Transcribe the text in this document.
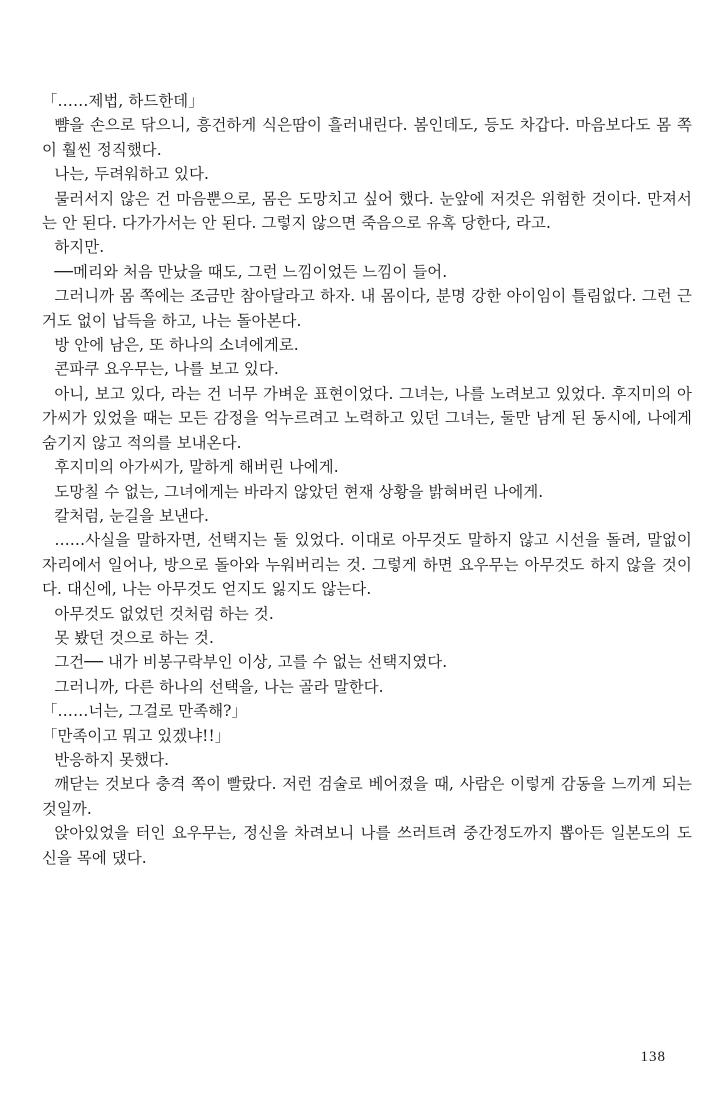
「……제법, 하드한데」

뺨을 손으로 닦으니, 흥건하게 식은땀이 흘러내린다. 봄인데도, 등도 차갑다. 마음보다도 몸 쪽이 훨씬 정직했다.

나는, 두려워하고 있다.

물러서지 않은 건 마음뿐으로, 몸은 도망치고 싶어 했다. 눈앞에 저것은 위험한 것이다. 만져서는 안 된다. 다가가서는 안 된다. 그렇지 않으면 죽음으로 유혹 당한다, 라고.

하지만.

──메리와 처음 만났을 때도, 그런 느낌이었든 느낌이 들어.

그러니까 몸 쪽에는 조금만 참아달라고 하자. 내 몸이다, 분명 강한 아이임이 틀림없다. 그런 근거도 없이 납득을 하고, 나는 돌아본다.

방 안에 남은, 또 하나의 소녀에게로.

콘파쿠 요우무는, 나를 보고 있다.

아니, 보고 있다, 라는 건 너무 가벼운 표현이었다. 그녀는, 나를 노려보고 있었다. 후지미의 아가씨가 있었을 때는 모든 감정을 억누르려고 노력하고 있던 그녀는, 둘만 남게 된 동시에, 나에게 숨기지 않고 적의를 보내온다.

후지미의 아가씨가, 말하게 해버린 나에게.

도망칠 수 없는, 그녀에게는 바라지 않았던 현재 상황을 밝혀버린 나에게.

칼처럼, 눈길을 보낸다.

……사실을 말하자면, 선택지는 둘 있었다. 이대로 아무것도 말하지 않고 시선을 돌려, 말없이 자리에서 일어나, 방으로 돌아와 누워버리는 것. 그렇게 하면 요우무는 아무것도 하지 않을 것이다. 대신에, 나는 아무것도 얻지도 잃지도 않는다.

아무것도 없었던 것처럼 하는 것.

못 봤던 것으로 하는 것.

그건── 내가 비봉구락부인 이상, 고를 수 없는 선택지였다.

그러니까, 다른 하나의 선택을, 나는 골라 말한다.

「……너는, 그걸로 만족해?」

「만족이고 뭐고 있겠냐!!」

반응하지 못했다.

깨닫는 것보다 충격 쪽이 빨랐다. 저런 검술로 베어졌을 때, 사람은 이렇게 감동을 느끼게 되는 것일까.

앉아있었을 터인 요우무는, 정신을 차려보니 나를 쓰러트려 중간정도까지 뽑아든 일본도의 도신을 목에 댔다.

138
